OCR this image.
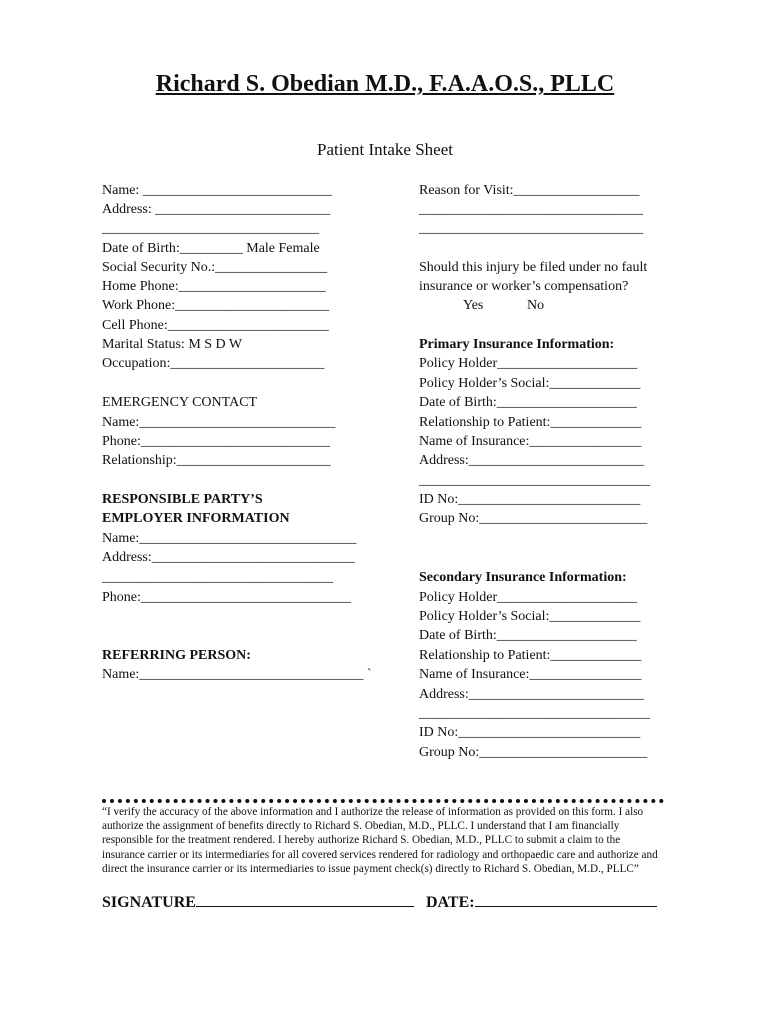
Richard S. Obedian M.D., F.A.A.O.S., PLLC
Patient Intake Sheet
Name: ___________________________
Address: _________________________
_______________________________
Date of Birth:_________ Male Female
Social Security No.:________________
Home Phone:_____________________
Work Phone:______________________
Cell Phone:_______________________
Marital Status: M S D W
Occupation:______________________
EMERGENCY CONTACT
Name:____________________________
Phone:___________________________
Relationship:______________________
RESPONSIBLE PARTY’S
EMPLOYER INFORMATION
Name:_______________________________
Address:_____________________________
_________________________________
Phone:______________________________
REFERRING PERSON:
Name:________________________________ `
Reason for Visit:__________________
________________________________
________________________________
Should this injury be filed under no fault
insurance or worker’s compensation?
Yes	No
Primary Insurance Information:
Policy Holder____________________
Policy Holder’s Social:_____________
Date of Birth:____________________
Relationship to Patient:_____________
Name of Insurance:________________
Address:_________________________
_________________________________
ID No:__________________________
Group No:________________________
Secondary Insurance Information:
Policy Holder____________________
Policy Holder’s Social:_____________
Date of Birth:____________________
Relationship to Patient:_____________
Name of Insurance:________________
Address:_________________________
_________________________________
ID No:__________________________
Group No:________________________
“I verify the accuracy of the above information and I authorize the release of information as provided on this form. I also authorize the assignment of benefits directly to Richard S. Obedian, M.D., PLLC. I understand that I am financially responsible for the treatment rendered. I hereby authorize Richard S. Obedian, M.D., PLLC to submit a claim to the insurance carrier or its intermediaries for all covered services rendered for radiology and orthopaedic care and authorize and direct the insurance carrier or its intermediaries to issue payment check(s) directly to Richard S. Obedian, M.D., PLLC”
SIGNATURE	DATE:
